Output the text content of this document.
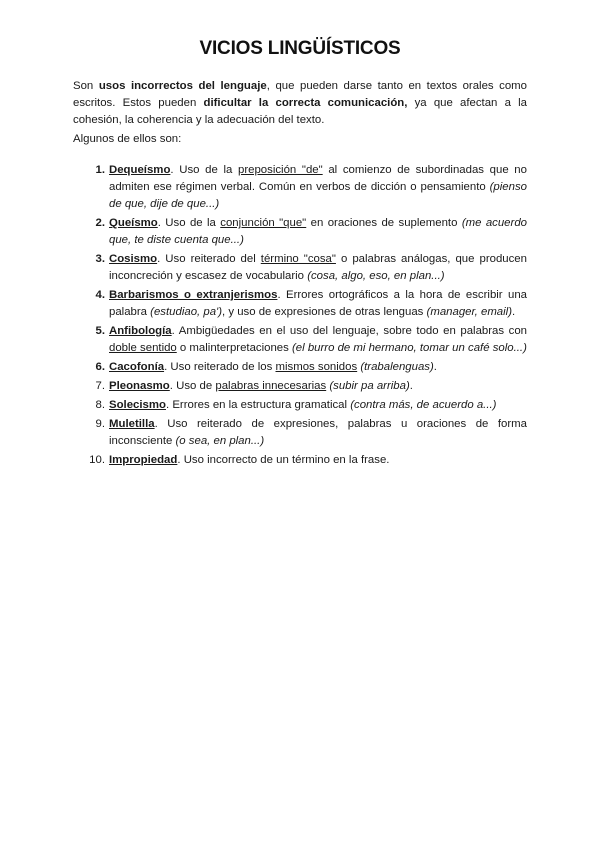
VICIOS LINGÜÍSTICOS

Son usos incorrectos del lenguaje, que pueden darse tanto en textos orales como escritos. Estos pueden dificultar la correcta comunicación, ya que afectan a la cohesión, la coherencia y la adecuación del texto.

Algunos de ellos son:

1. Dequeísmo. Uso de la preposición "de" al comienzo de subordinadas que no admiten ese régimen verbal. Común en verbos de dicción o pensamiento (pienso de que, dije de que...)
2. Queísmo. Uso de la conjunción "que" en oraciones de suplemento (me acuerdo que, te diste cuenta que...)
3. Cosismo. Uso reiterado del término "cosa" o palabras análogas, que producen inconcreción y escasez de vocabulario (cosa, algo, eso, en plan...)
4. Barbarismos o extranjerismos. Errores ortográficos a la hora de escribir una palabra (estudiao, pa'), y uso de expresiones de otras lenguas (manager, email).
5. Anfibología. Ambigüedades en el uso del lenguaje, sobre todo en palabras con doble sentido o malinterpretaciones (el burro de mi hermano, tomar un café solo...)
6. Cacofonía. Uso reiterado de los mismos sonidos (trabalenguas).
7. Pleonasmo. Uso de palabras innecesarias (subir pa arriba).
8. Solecismo. Errores en la estructura gramatical (contra más, de acuerdo a...)
9. Muletilla. Uso reiterado de expresiones, palabras u oraciones de forma inconsciente (o sea, en plan...)
10. Impropiedad. Uso incorrecto de un término en la frase.
